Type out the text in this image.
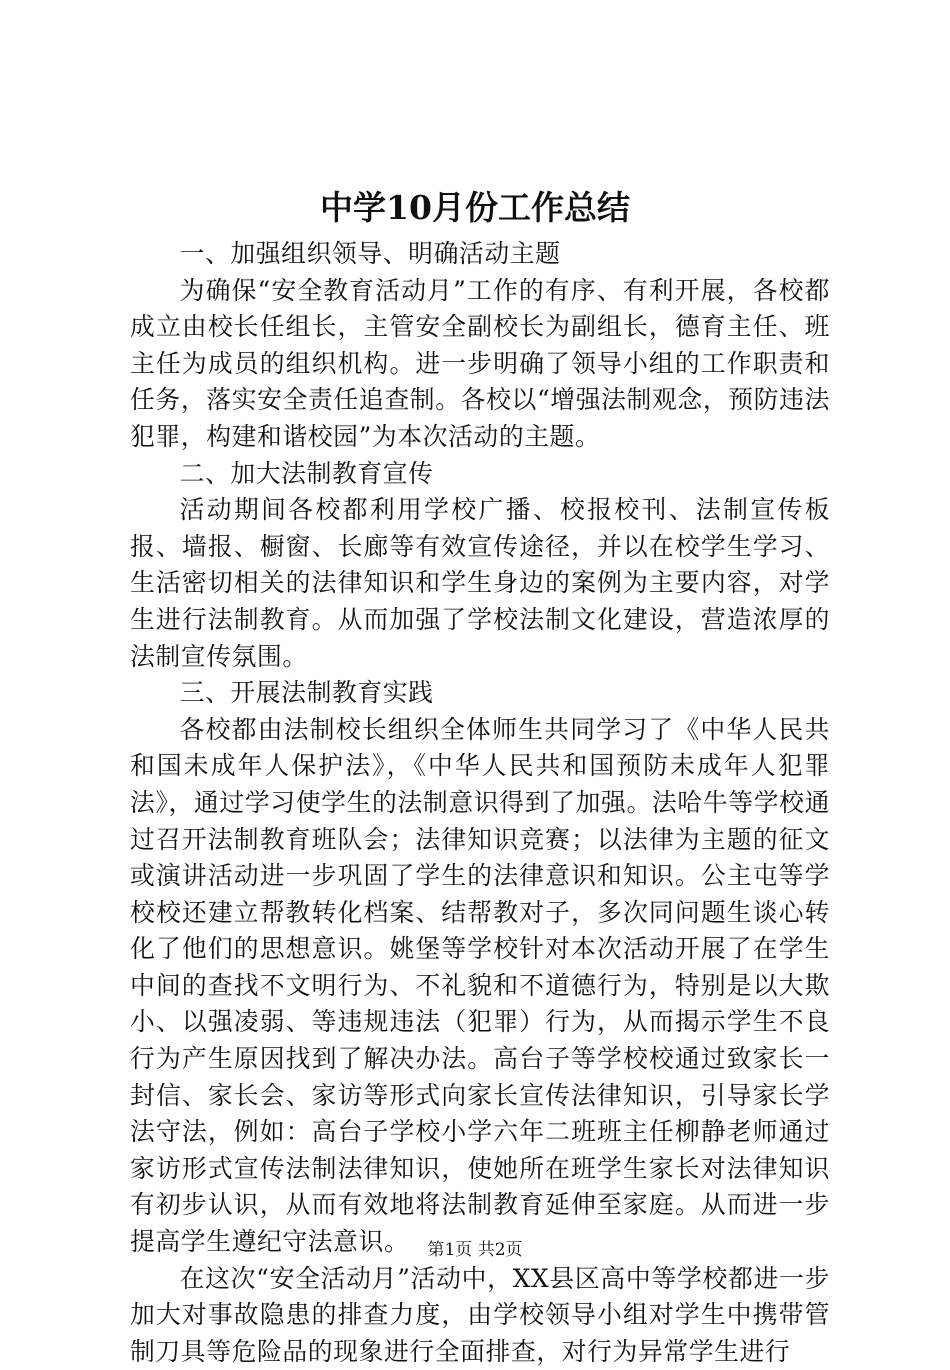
中学10月份工作总结

一、加强组织领导、明确活动主题

为确保“安全教育活动月”工作的有序、有利开展，各校都成立由校长任组长，主管安全副校长为副组长，德育主任、班主任为成员的组织机构。进一步明确了领导小组的工作职责和任务，落实安全责任追查制。各校以“增强法制观念，预防违法犯罪，构建和谐校园”为本次活动的主题。

二、加大法制教育宣传

活动期间各校都利用学校广播、校报校刊、法制宣传板报、墙报、橱窗、长廊等有效宣传途径，并以在校学生学习、生活密切相关的法律知识和学生身边的案例为主要内容，对学生进行法制教育。从而加强了学校法制文化建设，营造浓厚的法制宣传氛围。

三、开展法制教育实践

各校都由法制校长组织全体师生共同学习了《中华人民共和国未成年人保护法》，《中华人民共和国预防未成年人犯罪法》，通过学习使学生的法制意识得到了加强。法哈牛等学校通过召开法制教育班队会；法律知识竞赛；以法律为主题的征文或演讲活动进一步巩固了学生的法律意识和知识。公主屯等学校校还建立帮教转化档案、结帮教对子，多次同问题生谈心转化了他们的思想意识。姚堡等学校针对本次活动开展了在学生中间的查找不文明行为、不礼貌和不道德行为，特别是以大欺小、以强凌弱、等违规违法（犯罪）行为，从而揭示学生不良行为产生原因找到了解决办法。高台子等学校校通过致家长一封信、家长会、家访等形式向家长宣传法律知识，引导家长学法守法，例如：高台子学校小学六年二班班主任柳静老师通过家访形式宣传法制法律知识，使她所在班学生家长对法律知识有初步认识，从而有效地将法制教育延伸至家庭。从而进一步提高学生遵纪守法意识。

在这次“安全活动月”活动中，XX县区高中等学校都进一步加大对事故隐患的排查力度，由学校领导小组对学生中携带管制刀具等危险品的现象进行全面排查，对行为异常学生进行

第1页 共2页
